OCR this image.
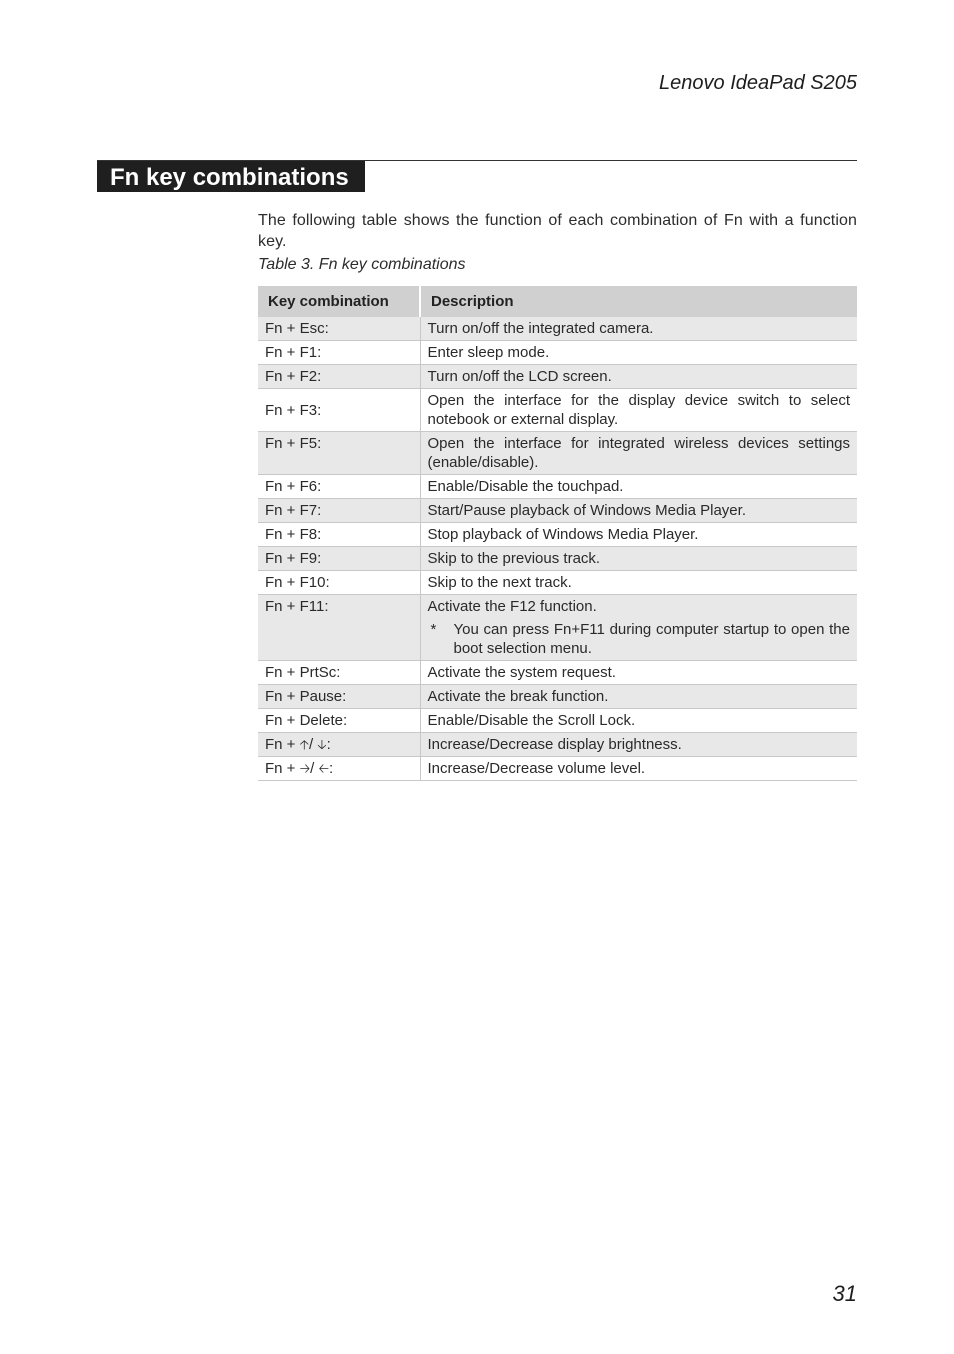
Lenovo IdeaPad S205
Fn key combinations

The following table shows the function of each combination of Fn with a function key.

Table 3. Fn key combinations

Key combination	Description
Fn + Esc:	Turn on/off the integrated camera.
Fn + F1:	Enter sleep mode.
Fn + F2:	Turn on/off the LCD screen.
Fn + F3:	Open the interface for the display device switch to select notebook or external display.
Fn + F5:	Open the interface for integrated wireless devices settings (enable/disable).
Fn + F6:	Enable/Disable the touchpad.
Fn + F7:	Start/Pause playback of Windows Media Player.
Fn + F8:	Stop playback of Windows Media Player.
Fn + F9:	Skip to the previous track.
Fn + F10:	Skip to the next track.
Fn + F11:	Activate the F12 function.
* You can press Fn+F11 during computer startup to open the boot selection menu.

Fn + PrtSc:	Activate the system request.
Fn + Pause:	Activate the break function.
Fn + Delete:	Enable/Disable the Scroll Lock.
Fn + 🡡/ 🡣:	Increase/Decrease display brightness.
Fn + 🡢/ 🡠:	Increase/Decrease volume level.
31
